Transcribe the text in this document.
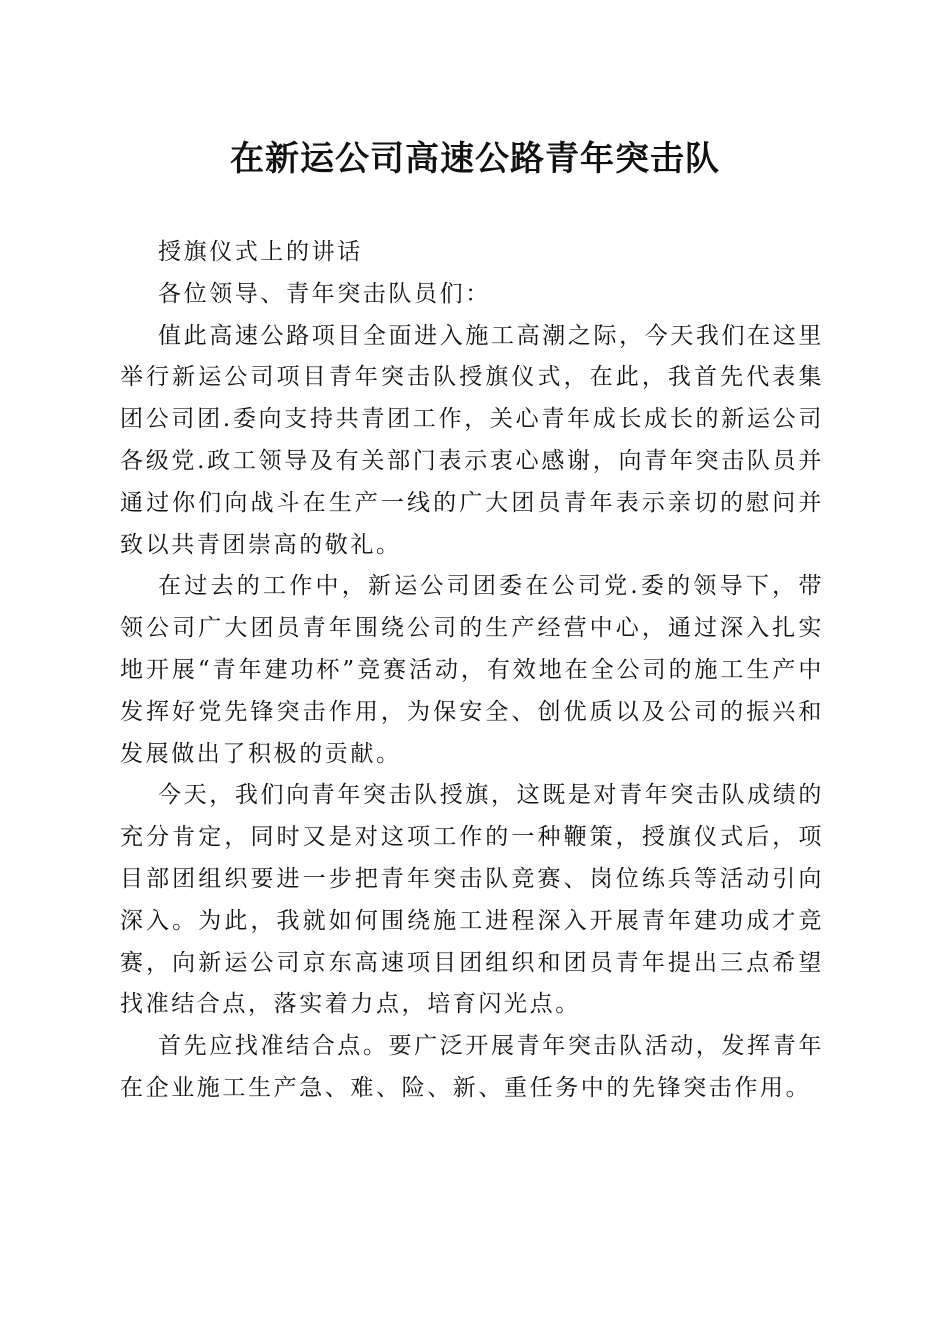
在新运公司高速公路青年突击队

授旗仪式上的讲话

各位领导、青年突击队员们：

值此高速公路项目全面进入施工高潮之际，今天我们在这里举行新运公司项目青年突击队授旗仪式，在此，我首先代表集团公司团.委向支持共青团工作，关心青年成长成长的新运公司各级党.政工领导及有关部门表示衷心感谢，向青年突击队员并通过你们向战斗在生产一线的广大团员青年表示亲切的慰问并致以共青团崇高的敬礼。

在过去的工作中，新运公司团委在公司党.委的领导下，带领公司广大团员青年围绕公司的生产经营中心，通过深入扎实地开展“青年建功杯”竞赛活动，有效地在全公司的施工生产中发挥好党先锋突击作用，为保安全、创优质以及公司的振兴和发展做出了积极的贡献。

今天，我们向青年突击队授旗，这既是对青年突击队成绩的充分肯定，同时又是对这项工作的一种鞭策，授旗仪式后，项目部团组织要进一步把青年突击队竞赛、岗位练兵等活动引向深入。为此，我就如何围绕施工进程深入开展青年建功成才竞赛，向新运公司京东高速项目团组织和团员青年提出三点希望找准结合点，落实着力点，培育闪光点。

首先应找准结合点。要广泛开展青年突击队活动，发挥青年在企业施工生产急、难、险、新、重任务中的先锋突击作用。
